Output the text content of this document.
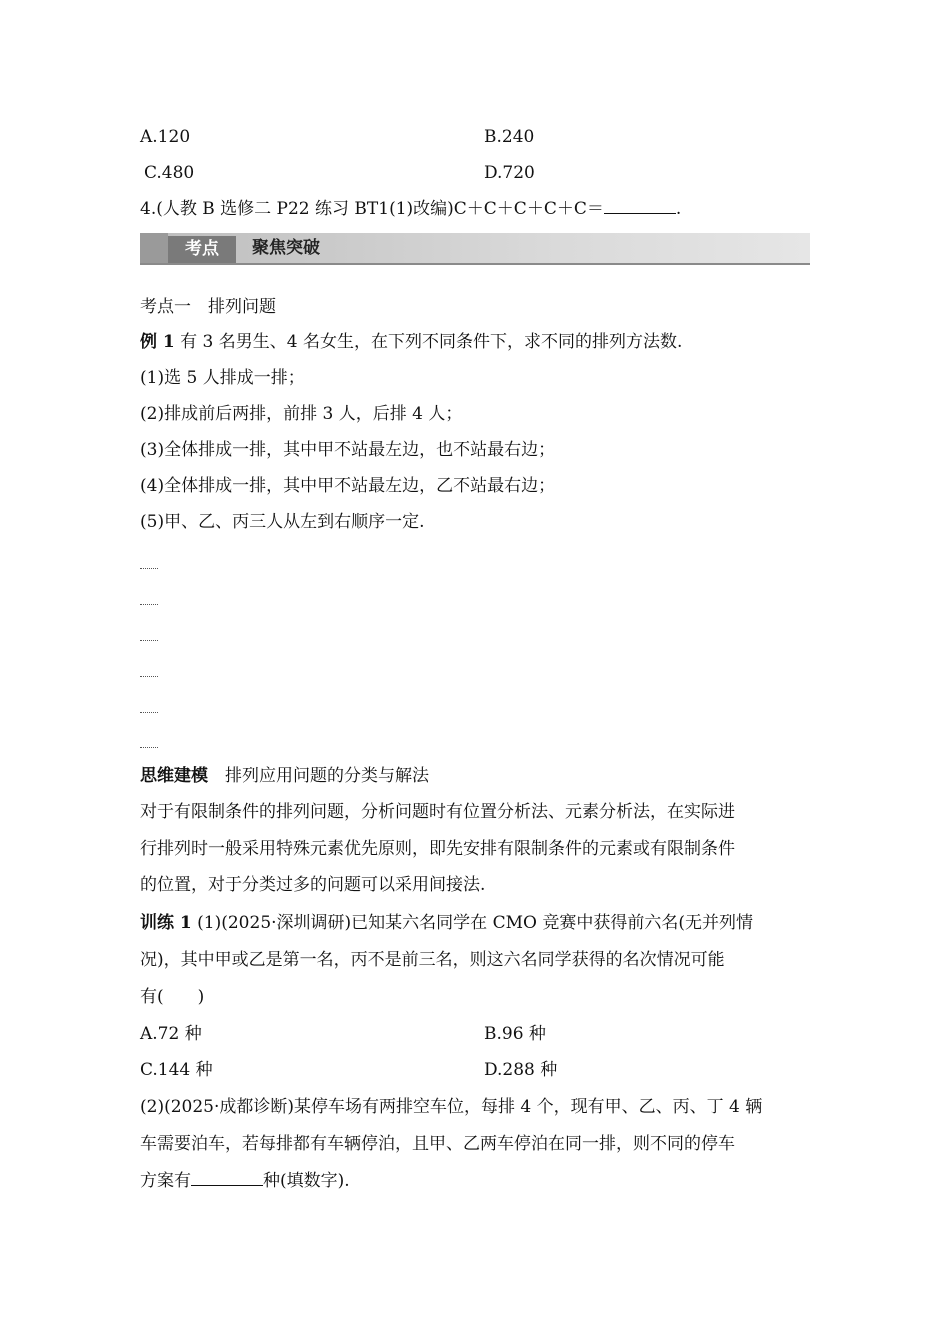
A.120	B.240
C.480	D.720
4.(人教 B 选修二 P22 练习 BT1(1)改编)C＋C＋C＋C＋C＝	.
考点	聚焦突破
考点一　排列问题
例 1 有 3 名男生、4 名女生，在下列不同条件下，求不同的排列方法数.
(1)选 5 人排成一排；
(2)排成前后两排，前排 3 人，后排 4 人；
(3)全体排成一排，其中甲不站最左边，也不站最右边；
(4)全体排成一排，其中甲不站最左边，乙不站最右边；
(5)甲、乙、丙三人从左到右顺序一定.
思维建模　排列应用问题的分类与解法
对于有限制条件的排列问题，分析问题时有位置分析法、元素分析法，在实际进
行排列时一般采用特殊元素优先原则，即先安排有限制条件的元素或有限制条件
的位置，对于分类过多的问题可以采用间接法.
训练 1 (1)(2025·深圳调研)已知某六名同学在 CMO 竞赛中获得前六名(无并列情
况)，其中甲或乙是第一名，丙不是前三名，则这六名同学获得的名次情况可能
有(　　)
A.72 种	B.96 种
C.144 种	D.288 种
(2)(2025·成都诊断)某停车场有两排空车位，每排 4 个，现有甲、乙、丙、丁 4 辆
车需要泊车，若每排都有车辆停泊，且甲、乙两车停泊在同一排，则不同的停车
方案有	种(填数字).
